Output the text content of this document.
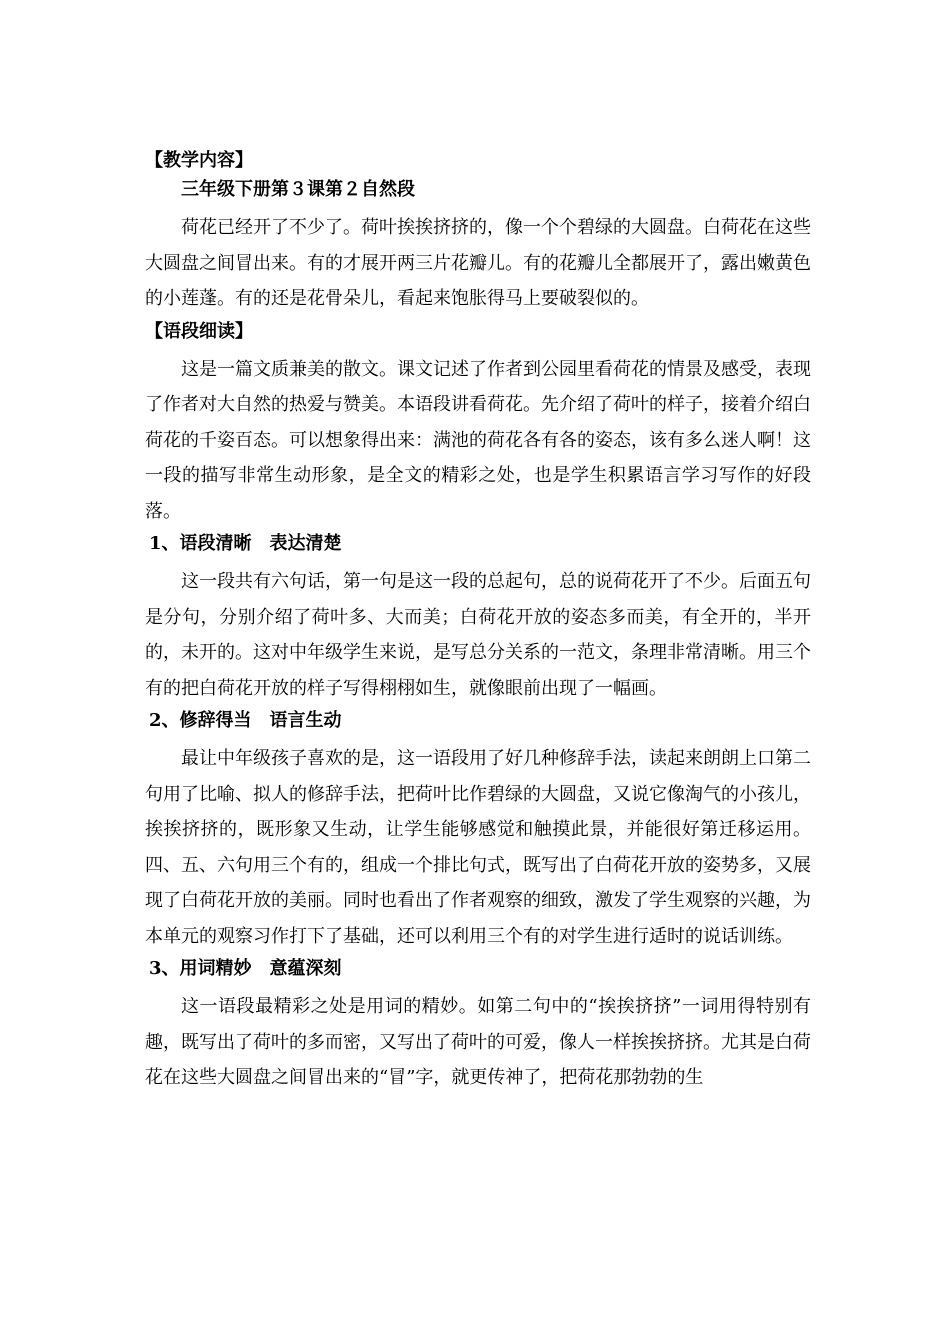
【教学内容】
三年级下册第３课第２自然段

荷花已经开了不少了。荷叶挨挨挤挤的，像一个个碧绿的大圆盘。白荷花在这些大圆盘之间冒出来。有的才展开两三片花瓣儿。有的花瓣儿全都展开了，露出嫩黄色的小莲蓬。有的还是花骨朵儿，看起来饱胀得马上要破裂似的。

【语段细读】

这是一篇文质兼美的散文。课文记述了作者到公园里看荷花的情景及感受，表现了作者对大自然的热爱与赞美。本语段讲看荷花。先介绍了荷叶的样子，接着介绍白荷花的千姿百态。可以想象得出来：满池的荷花各有各的姿态，该有多么迷人啊！这一段的描写非常生动形象，是全文的精彩之处，也是学生积累语言学习写作的好段落。

1、语段清晰　表达清楚

这一段共有六句话，第一句是这一段的总起句，总的说荷花开了不少。后面五句是分句，分别介绍了荷叶多、大而美；白荷花开放的姿态多而美，有全开的，半开的，未开的。这对中年级学生来说，是写总分关系的一范文，条理非常清晰。用三个有的把白荷花开放的样子写得栩栩如生，就像眼前出现了一幅画。

2、修辞得当　语言生动

最让中年级孩子喜欢的是，这一语段用了好几种修辞手法，读起来朗朗上口第二句用了比喻、拟人的修辞手法，把荷叶比作碧绿的大圆盘，又说它像淘气的小孩儿，挨挨挤挤的，既形象又生动，让学生能够感觉和触摸此景，并能很好第迁移运用。四、五、六句用三个有的，组成一个排比句式，既写出了白荷花开放的姿势多，又展现了白荷花开放的美丽。同时也看出了作者观察的细致，激发了学生观察的兴趣，为本单元的观察习作打下了基础，还可以利用三个有的对学生进行适时的说话训练。

3、用词精妙　意蕴深刻

这一语段最精彩之处是用词的精妙。如第二句中的“挨挨挤挤”一词用得特别有趣，既写出了荷叶的多而密，又写出了荷叶的可爱，像人一样挨挨挤挤。尤其是白荷花在这些大圆盘之间冒出来的“冒”字，就更传神了，把荷花那勃勃的生
